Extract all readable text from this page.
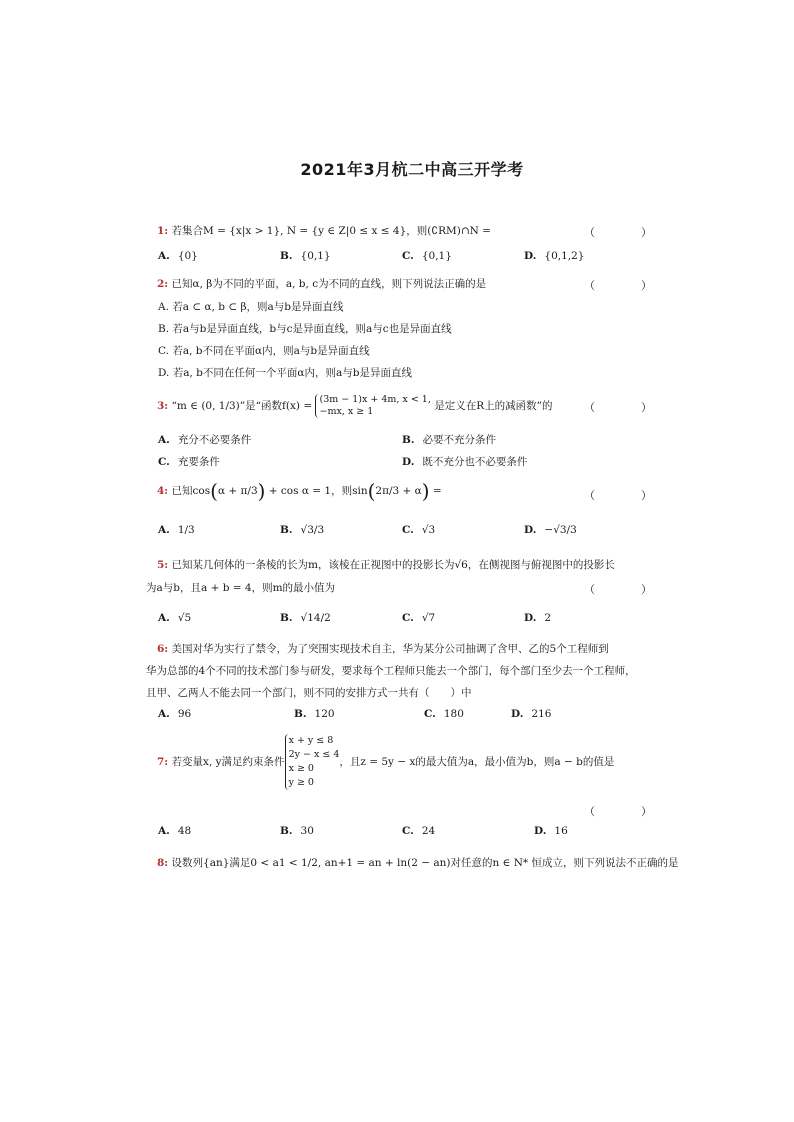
2021年3月杭二中高三开学考
1: 若集合M = {x|x > 1}, N = {y ∈ Z|0 ≤ x ≤ 4}，则(∁RM)∩N =	（　　）
A. {0}	B. {0,1}	C. {0,1}	D. {0,1,2}
2: 已知α, β为不同的平面，a, b, c为不同的直线，则下列说法正确的是	（　　）
A. 若a ⊂ α, b ⊂ β，则a与b是异面直线
B. 若a与b是异面直线，b与c是异面直线，则a与c也是异面直线
C. 若a, b不同在平面α内，则a与b是异面直线
D. 若a, b不同在任何一个平面α内，则a与b是异面直线
3: “m ∈ (0, 1/3)”是“函数f(x) =
(3m − 1)x + 4m, x < 1,
−mx, x ≥ 1	是定义在R上的减函数”的	（　　）
A. 充分不必要条件	B. 必要不充分条件
C. 充要条件	D. 既不充分也不必要条件
4: 已知cos(α + π/3) + cos α = 1，则sin(2π/3 + α) =	（　　）
A. 1/3	B. √3/3	C. √3	D. −√3/3
5: 已知某几何体的一条棱的长为m，该棱在正视图中的投影长为√6，在侧视图与俯视图中的投影长
为a与b，且a + b = 4，则m的最小值为	（　　）
A. √5	B. √14/2	C. √7	D. 2
6: 美国对华为实行了禁令，为了突围实现技术自主，华为某分公司抽调了含甲、乙的5个工程师到
华为总部的4个不同的技术部门参与研发，要求每个工程师只能去一个部门，每个部门至少去一个工程师，
且甲、乙两人不能去同一个部门，则不同的安排方式一共有（　　）中
A. 96	B. 120	C. 180	D. 216
7: 若变量x, y满足约束条件
x + y ≤ 8
2y − x ≤ 4
x ≥ 0
y ≥ 0
，且z = 5y − x的最大值为a，最小值为b，则a − b的值是
（　　）
A. 48	B. 30	C. 24	D. 16
8: 设数列{an}满足0 < a1 < 1/2, an+1 = an + ln(2 − an)对任意的n ∈ N* 恒成立，则下列说法不正确的是
